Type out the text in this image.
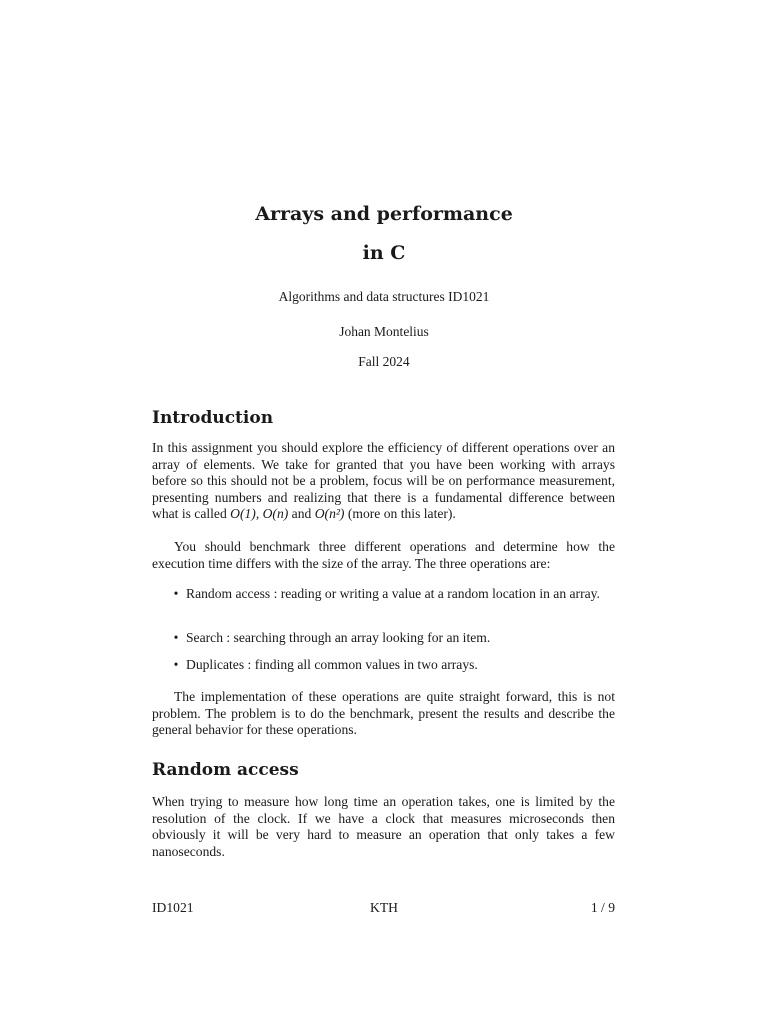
Arrays and performance
in C
Algorithms and data structures ID1021
Johan Montelius
Fall 2024
Introduction
In this assignment you should explore the efficiency of different operations over an array of elements. We take for granted that you have been working with arrays before so this should not be a problem, focus will be on performance measurement, presenting numbers and realizing that there is a fundamental difference between what is called O(1), O(n) and O(n²) (more on this later).
You should benchmark three different operations and determine how the execution time differs with the size of the array. The three operations are:
• Random access : reading or writing a value at a random location in an array.
• Search : searching through an array looking for an item.
• Duplicates : finding all common values in two arrays.
The implementation of these operations are quite straight forward, this is not problem. The problem is to do the benchmark, present the results and describe the general behavior for these operations.
Random access
When trying to measure how long time an operation takes, one is limited by the resolution of the clock. If we have a clock that measures microseconds then obviously it will be very hard to measure an operation that only takes a few nanoseconds.
ID1021	KTH	1 / 9
